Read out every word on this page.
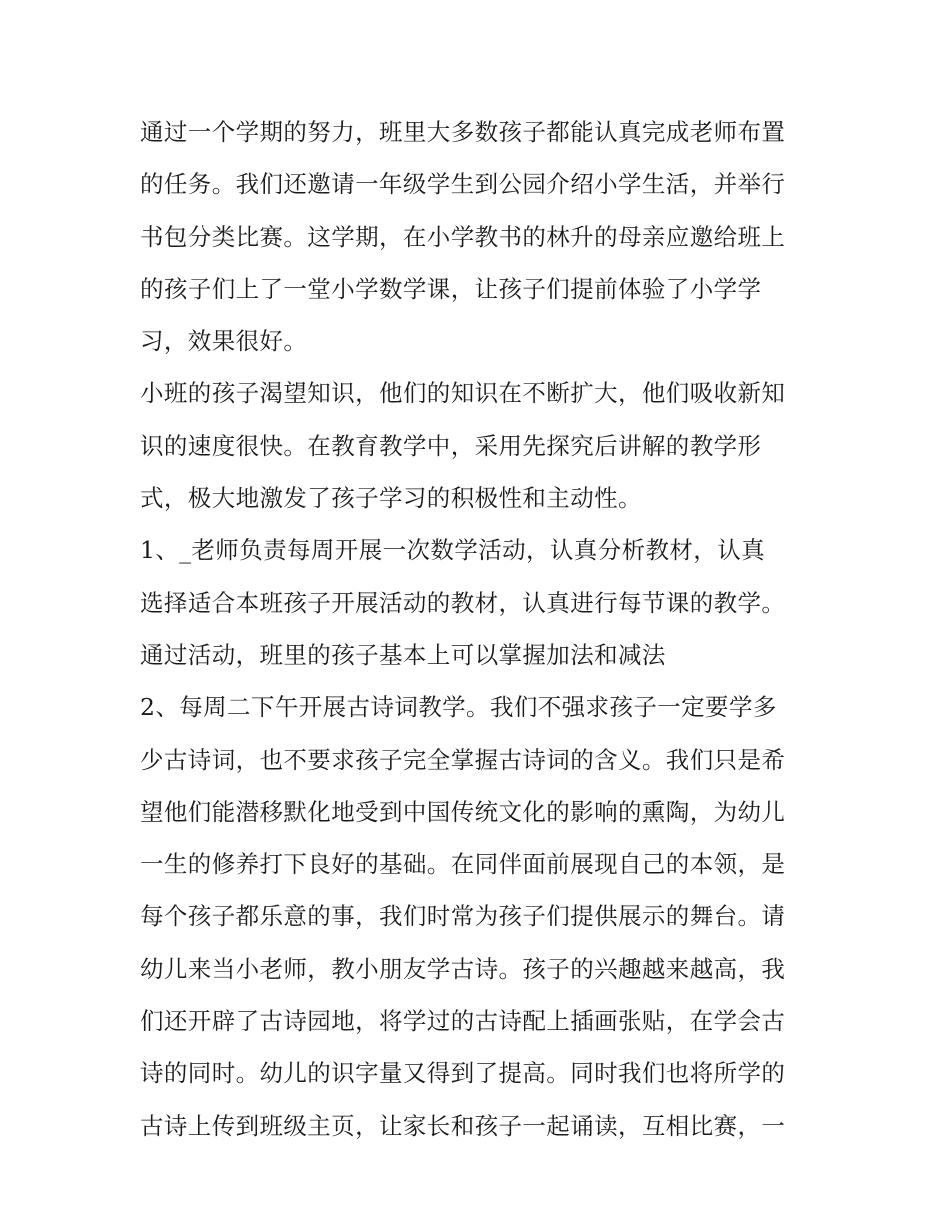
通过一个学期的努力，班里大多数孩子都能认真完成老师布置
的任务。我们还邀请一年级学生到公园介绍小学生活，并举行
书包分类比赛。这学期，在小学教书的林升的母亲应邀给班上
的孩子们上了一堂小学数学课，让孩子们提前体验了小学学
习，效果很好。
小班的孩子渴望知识，他们的知识在不断扩大，他们吸收新知
识的速度很快。在教育教学中，采用先探究后讲解的教学形
式，极大地激发了孩子学习的积极性和主动性。
1、_老师负责每周开展一次数学活动，认真分析教材，认真
选择适合本班孩子开展活动的教材，认真进行每节课的教学。
通过活动，班里的孩子基本上可以掌握加法和减法
2、每周二下午开展古诗词教学。我们不强求孩子一定要学多
少古诗词，也不要求孩子完全掌握古诗词的含义。我们只是希
望他们能潜移默化地受到中国传统文化的影响的熏陶，为幼儿
一生的修养打下良好的基础。在同伴面前展现自己的本领，是
每个孩子都乐意的事，我们时常为孩子们提供展示的舞台。请
幼儿来当小老师，教小朋友学古诗。孩子的兴趣越来越高，我
们还开辟了古诗园地，将学过的古诗配上插画张贴，在学会古
诗的同时。幼儿的识字量又得到了提高。同时我们也将所学的
古诗上传到班级主页，让家长和孩子一起诵读，互相比赛，一
